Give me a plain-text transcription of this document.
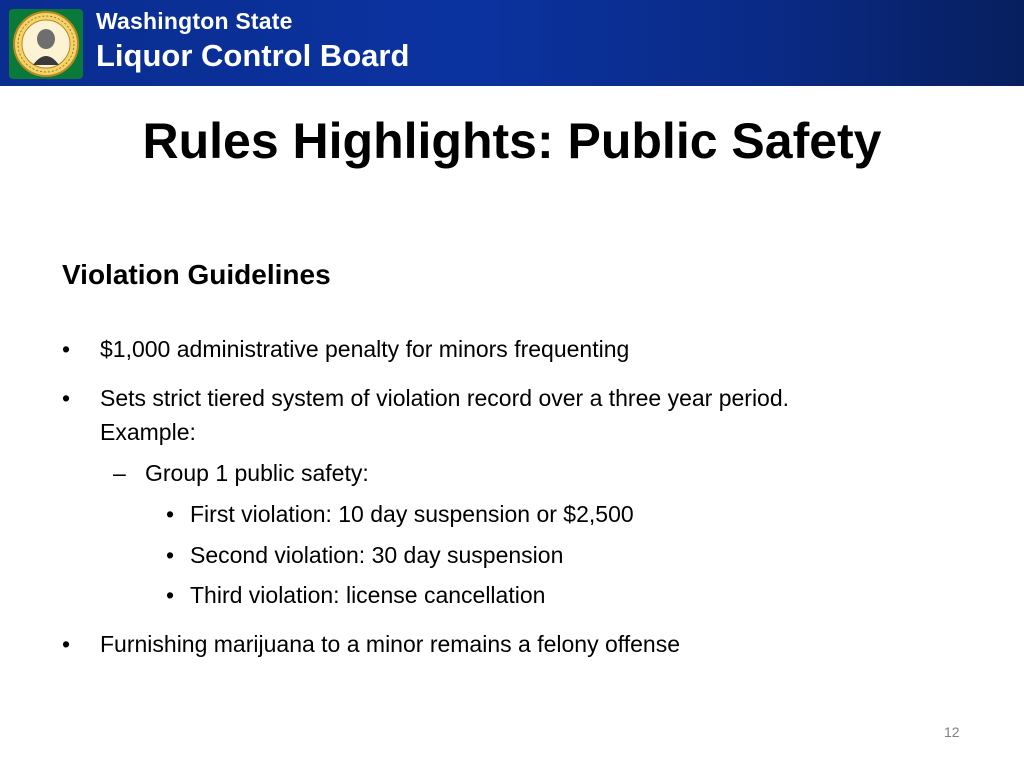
Washington State
Liquor Control Board
Rules Highlights: Public Safety
Violation Guidelines
• $1,000 administrative penalty for minors frequenting
• Sets strict tiered system of violation record over a three year period.
Example:
– Group 1 public safety:
• First violation: 10 day suspension or $2,500
• Second violation: 30 day suspension
• Third violation: license cancellation
• Furnishing marijuana to a minor remains a felony offense
12
